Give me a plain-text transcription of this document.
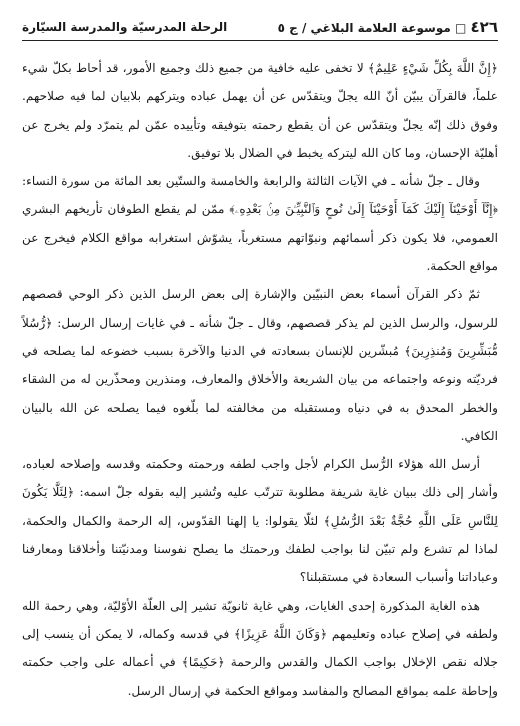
٤٢٦ □ موسوعة العلامة البلاغي / ج ٥
الرحلة المدرسيّة والمدرسة السيّارة

﴿إِنَّ اللَّهَ بِكُلِّ شَيْءٍ عَلِيمٌ﴾ لا تخفى عليه خافية من جميع ذلك وجميع الأمور، قد أحاط بكلّ شيء علماً، فالقرآن يبيّن أنّ الله يجلّ ويتقدّس عن أن يهمل عباده ويتركهم بلابيان لما فيه صلاحهم. وفوق ذلك إنّه يجلّ ويتقدّس عن أن يقطع رحمته بتوفيقه وتأييده عمّن لم يتمرّد ولم يخرج عن أهليّة الإحسان، وما كان الله ليتركه يخبط في الضلال بلا توفيق.

وقال ـ جلّ شأنه ـ في الآيات الثالثة والرابعة والخامسة والستّين بعد المائة من سورة النساء: ﴿إِنَّآ أَوْحَيْنَآ إِلَيْكَ كَمَآ أَوْحَيْنَآ إِلَىٰ نُوحٍ وَٱلنَّبِيِّـۧنَ مِنۢ بَعْدِهِۦ﴾ ممّن لم يقطع الطوفان تأريخهم البشري العمومي، فلا يكون ذكر أسمائهم ونبوّاتهم مستغرباً، يشوّش استغرابه مواقع الكلام فيخرج عن مواقع الحكمة.

ثمّ ذكر القرآن أسماء بعض النبيّين والإشارة إلى بعض الرسل الذين ذكر الوحي قصصهم للرسول، والرسل الذين لم يذكر قصصهم، وقال ـ جلّ شأنه ـ في غايات إرسال الرسل: ﴿رُّسُلاً مُّبَشِّرِينَ وَمُنذِرِينَ﴾ مُبشّرين للإنسان بسعادته في الدنيا والآخرة بسبب خضوعه لما يصلحه في فرديّته ونوعه واجتماعه من بيان الشريعة والأخلاق والمعارف، ومنذرين ومحذّرين له من الشقاء والخطر المحدق به في دنياه ومستقبله من مخالفته لما بلّغوه فيما يصلحه عن الله بالبيان الكافي.

أرسل الله هؤلاء الرُّسل الكرام لأجل واجب لطفه ورحمته وحكمته وقدسه وإصلاحه لعباده، وأشار إلى ذلك ببيان غاية شريفة مطلوبة تترتّب عليه وتُشير إليه بقوله جلّ اسمه: ﴿لِئَلَّا يَكُونَ لِلنَّاسِ عَلَى اللَّهِ حُجَّةٌ بَعْدَ الرُّسُلِ﴾ لئلّا يقولوا: يا إلهنا القدّوس، إله الرحمة والكمال والحكمة، لماذا لم تشرع ولم تبيّن لنا بواجب لطفك ورحمتك ما يصلح نفوسنا ومدنيّتنا وأخلاقنا ومعارفنا وعباداتنا وأسباب السعادة في مستقبلنا؟

هذه الغاية المذكورة إحدى الغايات، وهي غاية ثانويّة تشير إلى العلّة الأوّليّة، وهي رحمة الله ولطفه في إصلاح عباده وتعليمهم ﴿وَكَانَ اللَّهُ عَزِيزًا﴾ في قدسه وكماله، لا يمكن أن ينسب إلى جلاله نقص الإخلال بواجب الكمال والقدس والرحمة ﴿حَكِيمًا﴾ في أعماله على واجب حكمته وإحاطة علمه بمواقع المصالح والمفاسد ومواقع الحكمة في إرسال الرسل.
